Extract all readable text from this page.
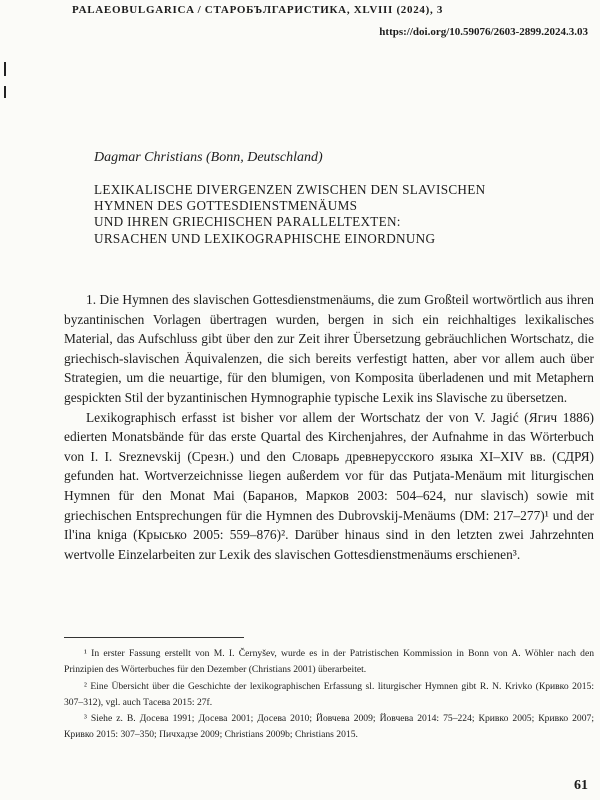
PALAEOBULGARICA / СТАРОБЪЛГАРИСТИКА, XLVIII (2024), 3
https://doi.org/10.59076/2603-2899.2024.3.03
Dagmar Christians (Bonn, Deutschland)
LEXIKALISCHE DIVERGENZEN ZWISCHEN DEN SLAVISCHEN
HYMNEN DES GOTTESDIENSTMENÄUMS
UND IHREN GRIECHISCHEN PARALLELTEXTEN:
URSACHEN UND LEXIKOGRAPHISCHE EINORDNUNG

1. Die Hymnen des slavischen Gottesdienstmenäums, die zum Großteil wortwörtlich aus ihren byzantinischen Vorlagen übertragen wurden, bergen in sich ein reichhaltiges lexikalisches Material, das Aufschluss gibt über den zur Zeit ihrer Übersetzung gebräuchlichen Wortschatz, die griechisch-slavischen Äquivalenzen, die sich bereits verfestigt hatten, aber vor allem auch über Strategien, um die neuartige, für den blumigen, von Komposita überladenen und mit Metaphern gespickten Stil der byzantinischen Hymnographie typische Lexik ins Slavische zu übersetzen.

Lexikographisch erfasst ist bisher vor allem der Wortschatz der von V. Jagić (Ягич 1886) edierten Monatsbände für das erste Quartal des Kirchenjahres, der Aufnahme in das Wörterbuch von I. I. Sreznevskij (Срезн.) und den Словарь древнерусского языка XI–XIV вв. (СДРЯ) gefunden hat. Wortverzeichnisse liegen außerdem vor für das Putjata-Menäum mit liturgischen Hymnen für den Monat Mai (Баранов, Марков 2003: 504–624, nur slavisch) sowie mit griechischen Entsprechungen für die Hymnen des Dubrovskij-Menäums (DM: 217–277)¹ und der Il'ina kniga (Крысько 2005: 559–876)². Darüber hinaus sind in den letzten zwei Jahrzehnten wertvolle Einzelarbeiten zur Lexik des slavischen Gottesdienstmenäums erschienen³.

¹ In erster Fassung erstellt von M. I. Černyšev, wurde es in der Patristischen Kommission in Bonn von A. Wöhler nach den Prinzipien des Wörterbuches für den Dezember (Christians 2001) überarbeitet.

² Eine Übersicht über die Geschichte der lexikographischen Erfassung sl. liturgischer Hymnen gibt R. N. Krivko (Кривко 2015: 307–312), vgl. auch Тасева 2015: 27f.

³ Siehe z. B. Досева 1991; Досева 2001; Досева 2010; Йовчева 2009; Йовчева 2014: 75–224; Кривко 2005; Кривко 2007; Кривко 2015: 307–350; Пичхадзе 2009; Christians 2009b; Christians 2015.

61
